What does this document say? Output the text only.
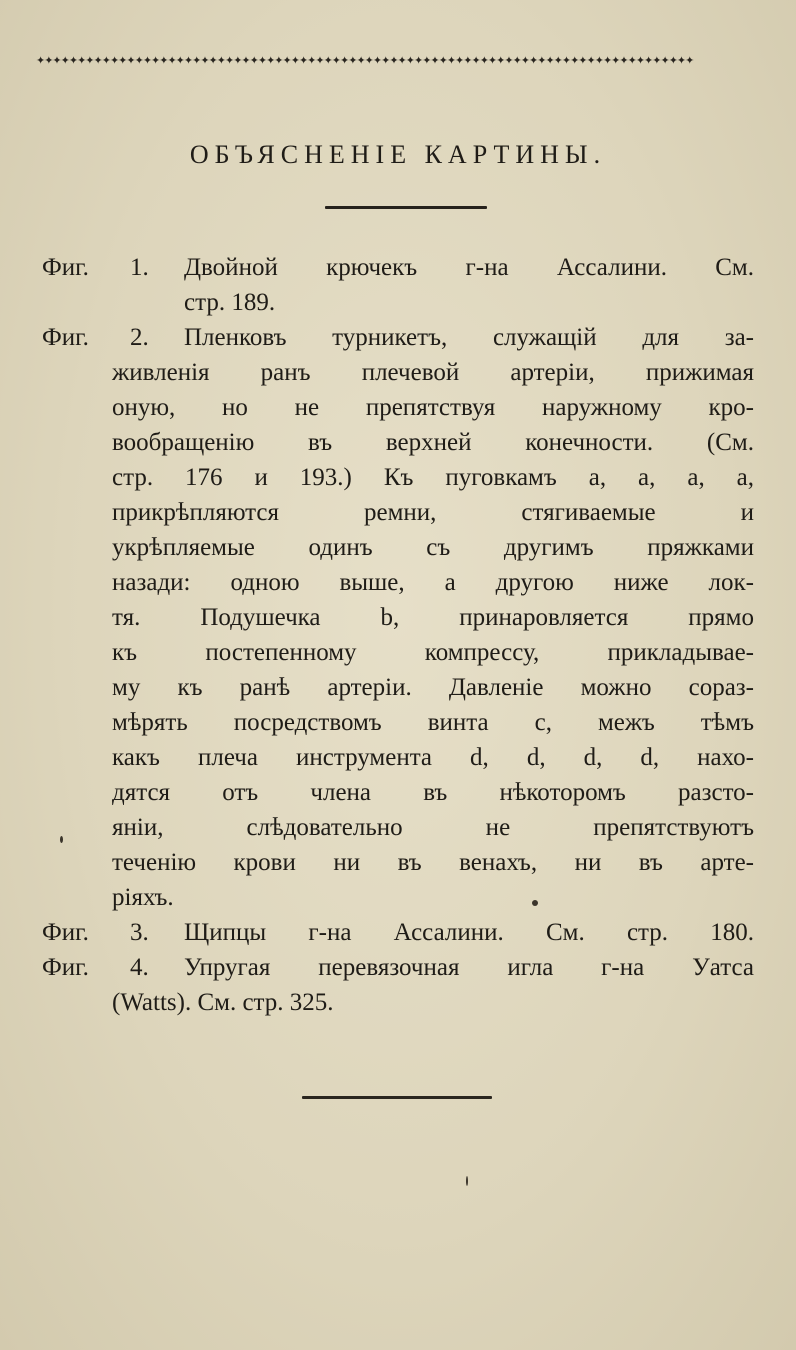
✦✦✦✦✦✦✦✦✦✦✦✦✦✦✦✦✦✦✦✦✦✦✦✦✦✦✦✦✦✦✦✦✦✦✦✦✦✦✦✦✦✦✦✦✦✦✦✦✦✦✦✦✦✦✦✦✦✦✦✦✦✦✦✦✦✦✦✦✦✦✦✦✦✦✦✦✦✦✦✦
ОБЪЯСНЕНІЕ КАРТИНЫ.
Фиг.	1.	Двойной крючекъ г-на Ассалини. См.
стр. 189.
Фиг.	2.	Пленковъ турникетъ, служащій для за-
живленія ранъ плечевой артеріи, прижимая
оную, но не препятствуя наружному кро-
вообращенію въ верхней конечности. (См.
стр. 176 и 193.) Къ пуговкамъ а, а, а, а,
прикрѣпляются ремни, стягиваемые и
укрѣпляемые одинъ съ другимъ пряжками
назади: одною выше, а другою ниже лок-
тя. Подушечка b, принаровляется прямо
къ постепенному компрессу, прикладывае-
му къ ранѣ артеріи. Давленіе можно сораз-
мѣрять посредствомъ винта с, межъ тѣмъ
какъ плеча инструмента d, d, d, d, нахо-
дятся отъ члена въ нѣкоторомъ разсто-
яніи, слѣдовательно не препятствуютъ
теченію крови ни въ венахъ, ни въ арте-
ріяхъ.
Фиг.	3.	Щипцы г-на Ассалини. См. стр. 180.
Фиг.	4.	Упругая перевязочная игла г-на Уатса
(Watts). См. стр. 325.
